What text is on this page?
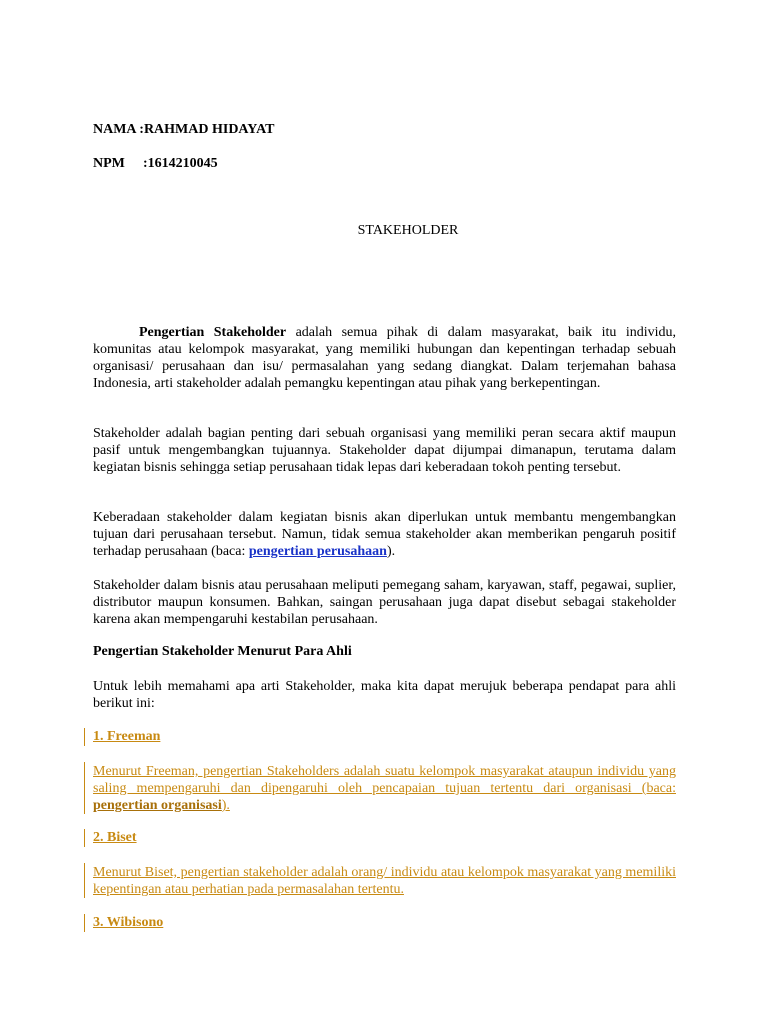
NAMA :RAHMAD HIDAYAT
NPM :1614210045
STAKEHOLDER
Pengertian Stakeholder adalah semua pihak di dalam masyarakat, baik itu individu, komunitas atau kelompok masyarakat, yang memiliki hubungan dan kepentingan terhadap sebuah organisasi/ perusahaan dan isu/ permasalahan yang sedang diangkat. Dalam terjemahan bahasa Indonesia, arti stakeholder adalah pemangku kepentingan atau pihak yang berkepentingan.
Stakeholder adalah bagian penting dari sebuah organisasi yang memiliki peran secara aktif maupun pasif untuk mengembangkan tujuannya. Stakeholder dapat dijumpai dimanapun, terutama dalam kegiatan bisnis sehingga setiap perusahaan tidak lepas dari keberadaan tokoh penting tersebut.
Keberadaan stakeholder dalam kegiatan bisnis akan diperlukan untuk membantu mengembangkan tujuan dari perusahaan tersebut. Namun, tidak semua stakeholder akan memberikan pengaruh positif terhadap perusahaan (baca: pengertian perusahaan).
Stakeholder dalam bisnis atau perusahaan meliputi pemegang saham, karyawan, staff, pegawai, suplier, distributor maupun konsumen. Bahkan, saingan perusahaan juga dapat disebut sebagai stakeholder karena akan mempengaruhi kestabilan perusahaan.
Pengertian Stakeholder Menurut Para Ahli
Untuk lebih memahami apa arti Stakeholder, maka kita dapat merujuk beberapa pendapat para ahli berikut ini:
1. Freeman
Menurut Freeman, pengertian Stakeholders adalah suatu kelompok masyarakat ataupun individu yang saling mempengaruhi dan dipengaruhi oleh pencapaian tujuan tertentu dari organisasi (baca: pengertian organisasi).
2. Biset
Menurut Biset, pengertian stakeholder adalah orang/ individu atau kelompok masyarakat yang memiliki kepentingan atau perhatian pada permasalahan tertentu.
3. Wibisono
